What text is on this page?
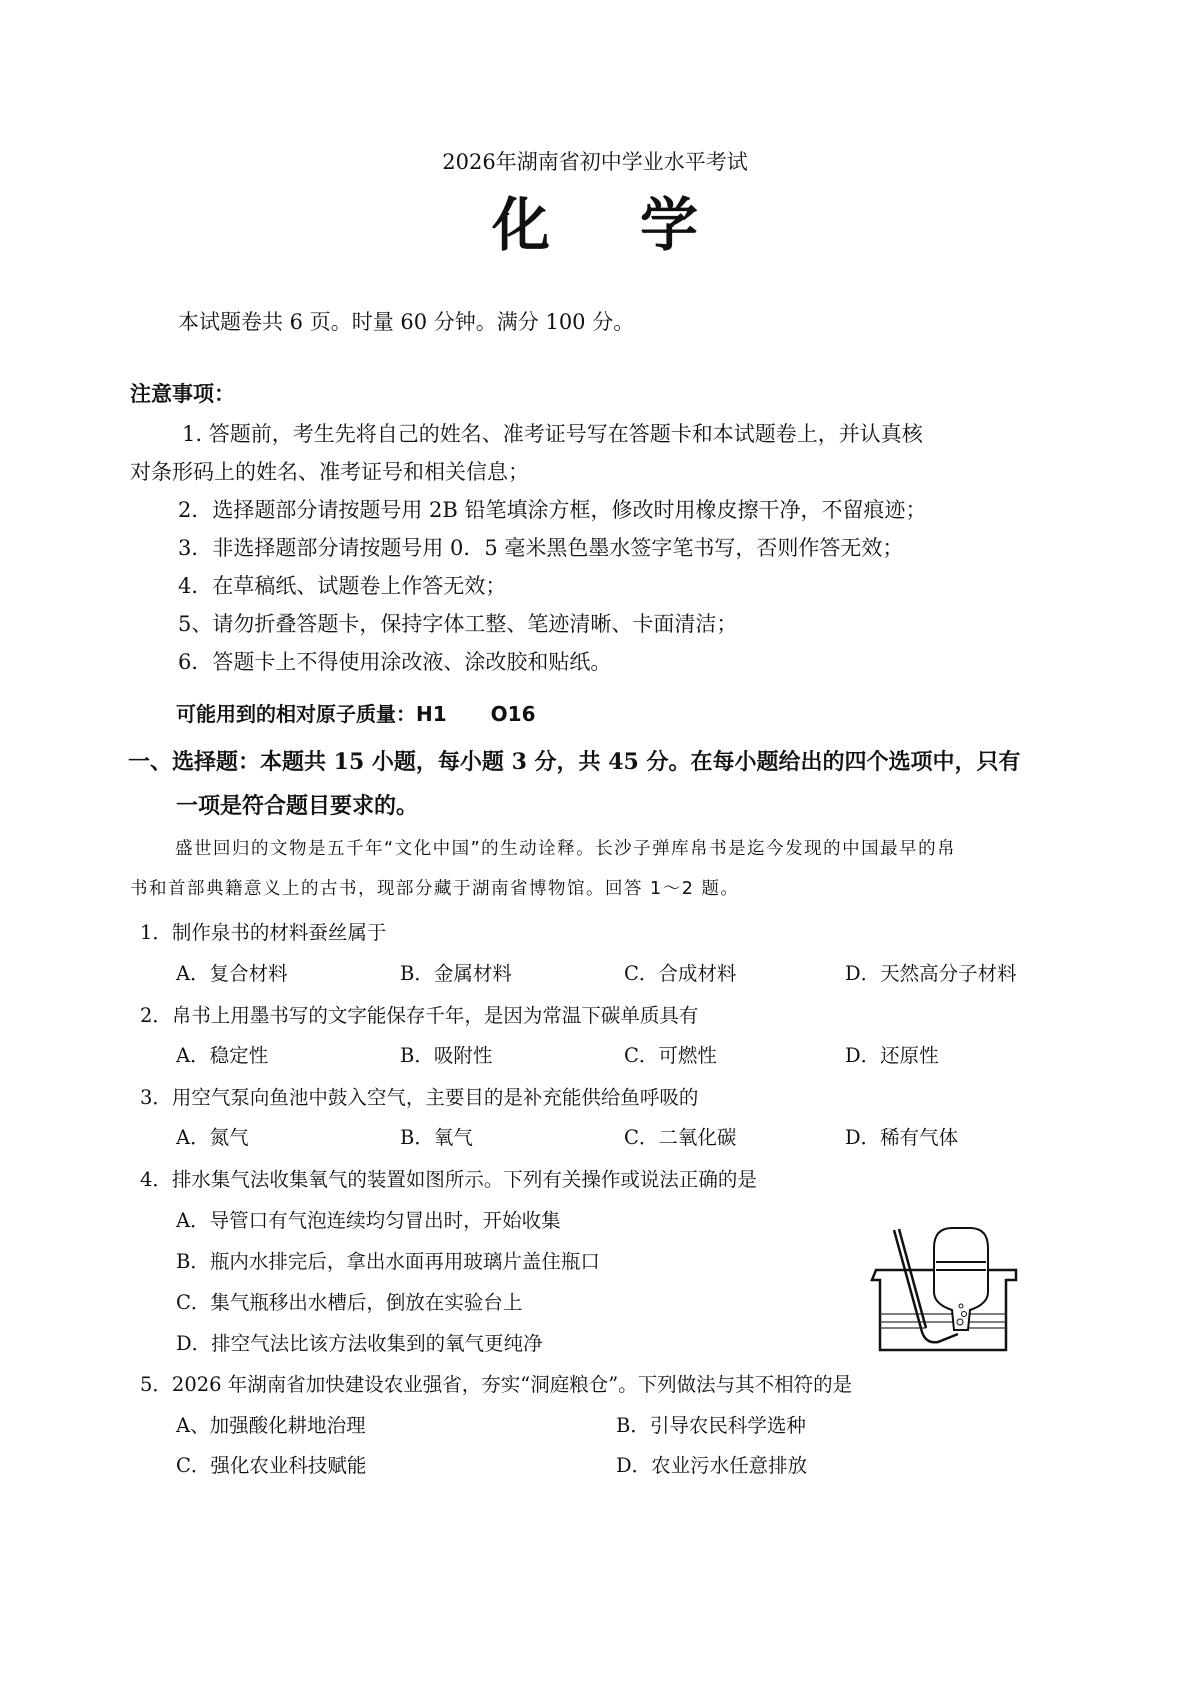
2026年湖南省初中学业水平考试
化学
本试题卷共 6 页。时量 60 分钟。满分 100 分。
注意事项：
1. 答题前，考生先将自己的姓名、准考证号写在答题卡和本试题卷上，并认真核
对条形码上的姓名、准考证号和相关信息；
2．选择题部分请按题号用 2B 铅笔填涂方框，修改时用橡皮擦干净，不留痕迹；
3．非选择题部分请按题号用 0．5 毫米黑色墨水签字笔书写，否则作答无效；
4．在草稿纸、试题卷上作答无效；
5、请勿折叠答题卡，保持字体工整、笔迹清晰、卡面清洁；
6．答题卡上不得使用涂改液、涂改胶和贴纸。
可能用到的相对原子质量：H1 O16
一、选择题：本题共 15 小题，每小题 3 分，共 45 分。在每小题给出的四个选项中，只有
一项是符合题目要求的。
盛世回归的文物是五千年“文化中国”的生动诠释。长沙子弹库帛书是迄今发现的中国最早的帛
书和首部典籍意义上的古书，现部分藏于湖南省博物馆。回答 1～2 题。
1．制作泉书的材料蚕丝属于
A．复合材料	B．金属材料	C．合成材料	D．天然高分子材料
2．帛书上用墨书写的文字能保存千年，是因为常温下碳单质具有
A．稳定性	B．吸附性	C．可燃性	D．还原性
3．用空气泵向鱼池中鼓入空气，主要目的是补充能供给鱼呼吸的
A．氮气	B．氧气	C．二氧化碳	D．稀有气体
4．排水集气法收集氧气的装置如图所示。下列有关操作或说法正确的是
A．导管口有气泡连续均匀冒出时，开始收集
B．瓶内水排完后，拿出水面再用玻璃片盖住瓶口
C．集气瓶移出水槽后，倒放在实验台上
D．排空气法比该方法收集到的氧气更纯净
5．2026 年湖南省加快建设农业强省，夯实“洞庭粮仓”。下列做法与其不相符的是
A、加强酸化耕地治理	B．引导农民科学选种
C．强化农业科技赋能	D．农业污水任意排放
